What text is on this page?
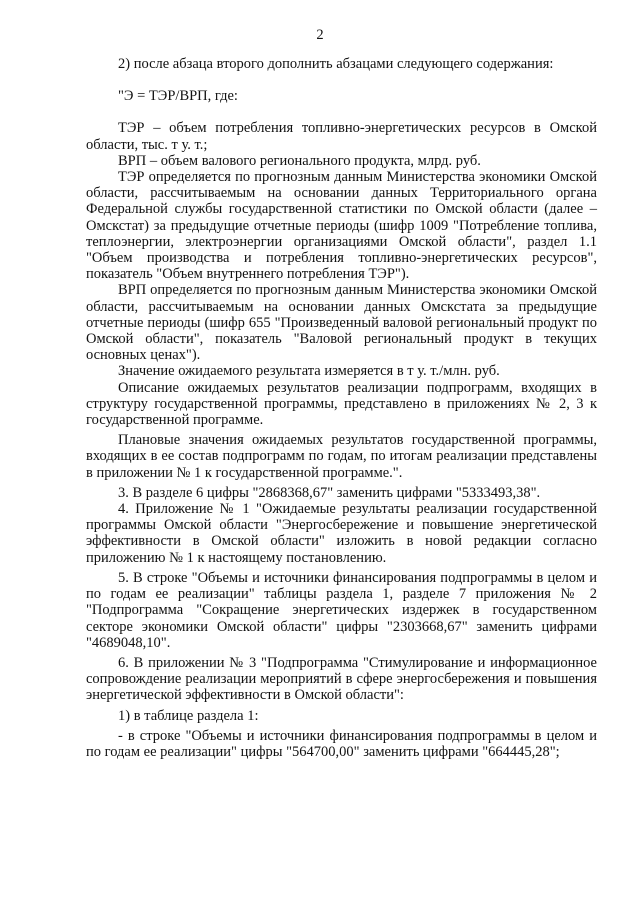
2

2) после абзаца второго дополнить абзацами следующего содержания:

"Э = ТЭР/ВРП, где:

ТЭР – объем потребления топливно-энергетических ресурсов в Омской области, тыс. т у. т.;

ВРП – объем валового регионального продукта, млрд. руб.

ТЭР определяется по прогнозным данным Министерства экономики Омской области, рассчитываемым на основании данных Территориального органа Федеральной службы государственной статистики по Омской области (далее – Омскстат) за предыдущие отчетные периоды (шифр 1009 "Потребление топлива, теплоэнергии, электроэнергии организациями Омской области", раздел 1.1 "Объем производства и потребления топливно-энергетических ресурсов", показатель "Объем внутреннего потребления ТЭР").

ВРП определяется по прогнозным данным Министерства экономики Омской области, рассчитываемым на основании данных Омскстата за предыдущие отчетные периоды (шифр 655 "Произведенный валовой региональный продукт по Омской области", показатель "Валовой региональный продукт в текущих основных ценах").

Значение ожидаемого результата измеряется в т у. т./млн. руб.

Описание ожидаемых результатов реализации подпрограмм, входящих в структуру государственной программы, представлено в приложениях № 2, 3 к государственной программе.

Плановые значения ожидаемых результатов государственной программы, входящих в ее состав подпрограмм по годам, по итогам реализации представлены в приложении № 1 к государственной программе.".

3. В разделе 6 цифры "2868368,67" заменить цифрами "5333493,38".

4. Приложение № 1 "Ожидаемые результаты реализации государственной программы Омской области "Энергосбережение и повышение энергетической эффективности в Омской области" изложить в новой редакции согласно приложению № 1 к настоящему постановлению.

5. В строке "Объемы и источники финансирования подпрограммы в целом и по годам ее реализации" таблицы раздела 1, разделе 7 приложения № 2 "Подпрограмма "Сокращение энергетических издержек в государственном секторе экономики Омской области" цифры "2303668,67" заменить цифрами "4689048,10".

6. В приложении № 3 "Подпрограмма "Стимулирование и информационное сопровождение реализации мероприятий в сфере энергосбережения и повышения энергетической эффективности в Омской области":

1) в таблице раздела 1:

- в строке "Объемы и источники финансирования подпрограммы в целом и по годам ее реализации" цифры "564700,00" заменить цифрами "664445,28";
